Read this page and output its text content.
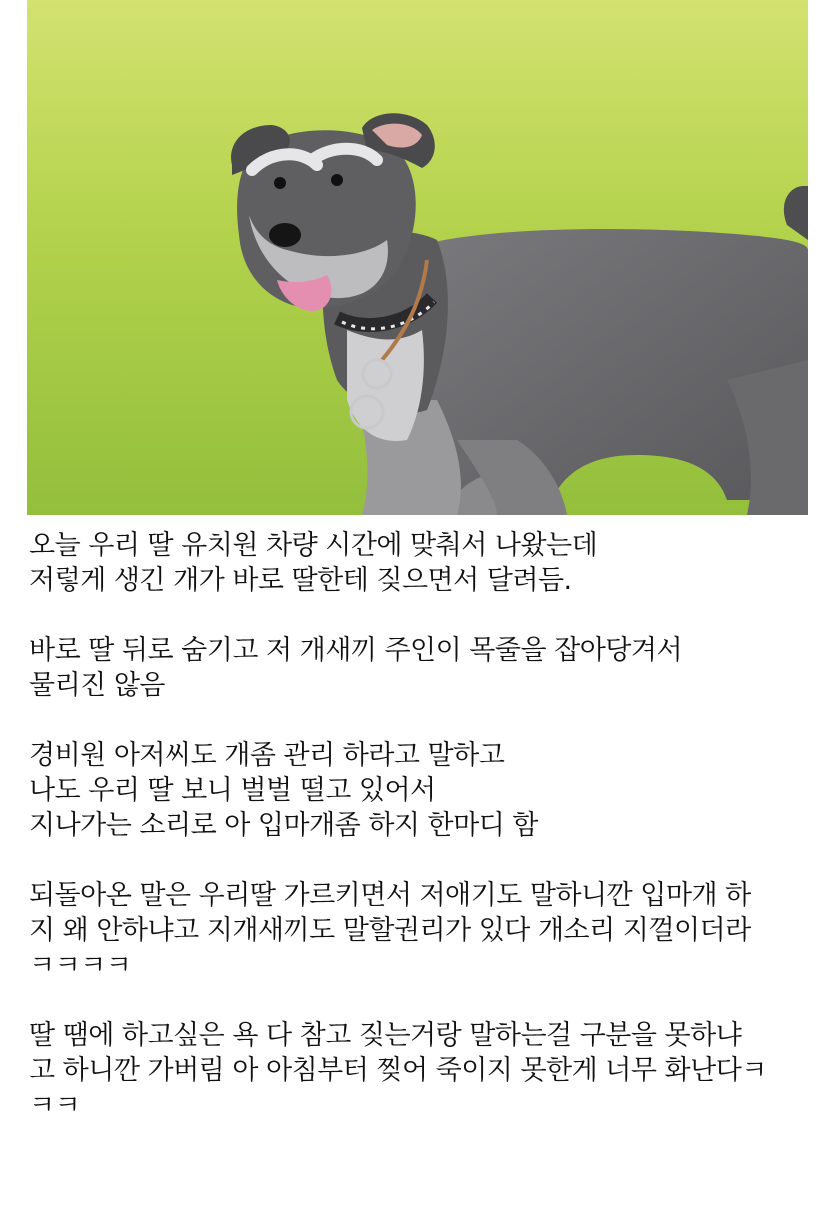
오늘 우리 딸 유치원 차량 시간에 맞춰서 나왔는데
저렇게 생긴 개가 바로 딸한테 짖으면서 달려듬.
바로 딸 뒤로 숨기고 저 개새끼 주인이 목줄을 잡아당겨서
물리진 않음
경비원 아저씨도 개좀 관리 하라고 말하고
나도 우리 딸 보니 벌벌 떨고 있어서
지나가는 소리로 아 입마개좀 하지 한마디 함
되돌아온 말은 우리딸 가르키면서 저애기도 말하니깐 입마개 하
지 왜 안하냐고 지개새끼도 말할권리가 있다 개소리 지껄이더라
ㅋㅋㅋㅋ
딸 땜에 하고싶은 욕 다 참고 짖는거랑 말하는걸 구분을 못하냐
고 하니깐 가버림 아 아침부터 찢어 죽이지 못한게 너무 화난다ㅋ
ㅋㅋ
